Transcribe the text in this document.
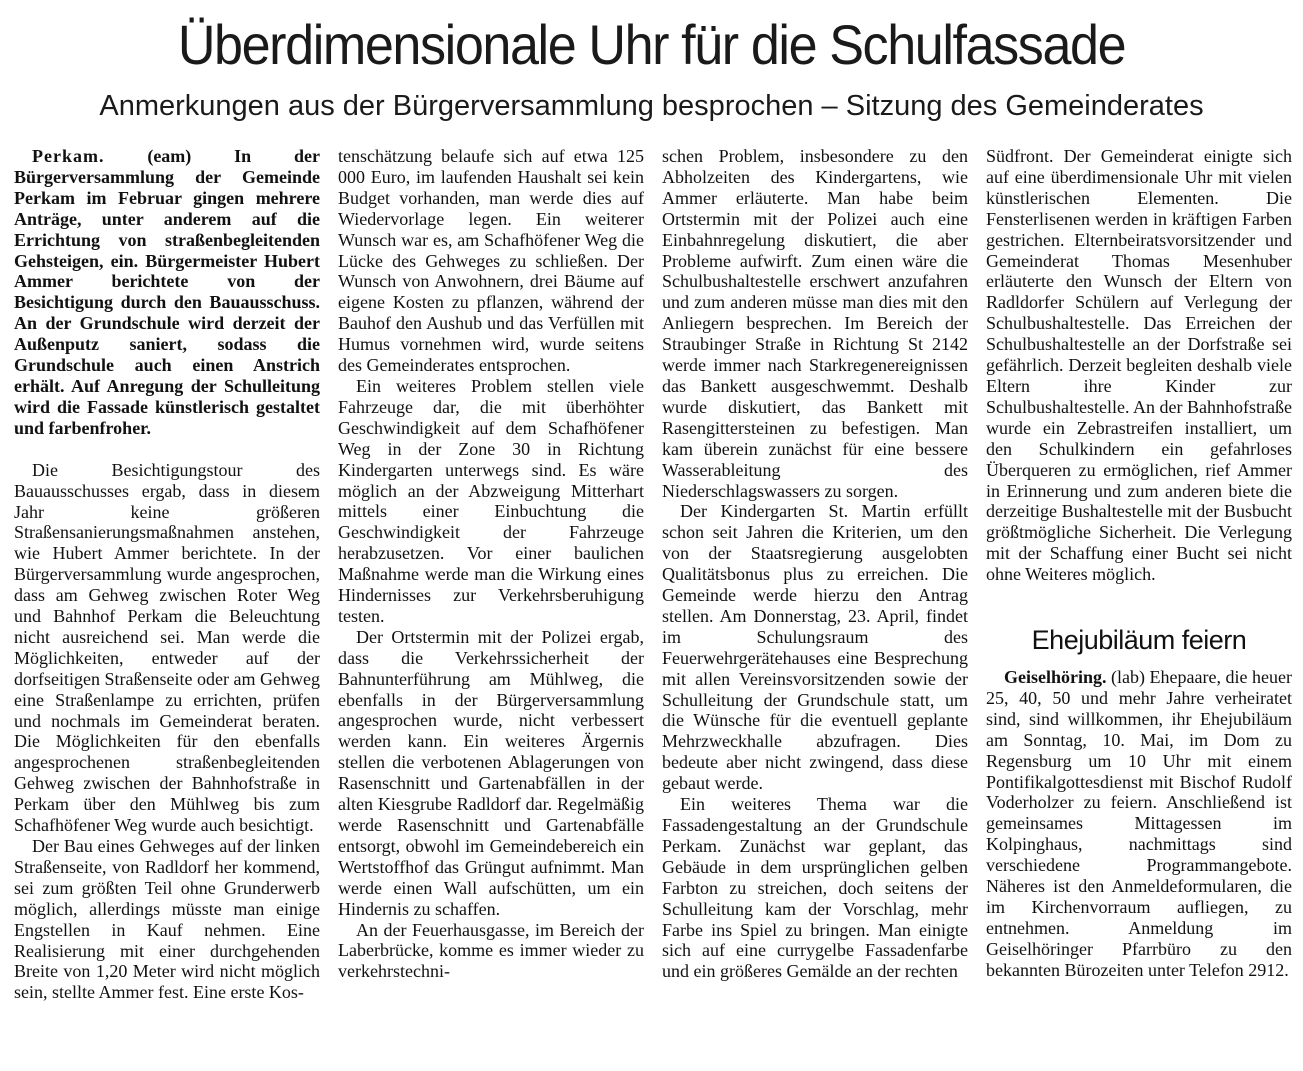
Überdimensionale Uhr für die Schulfassade
Anmerkungen aus der Bürgerversammlung besprochen – Sitzung des Gemeinderates

Perkam. (eam) In der Bürgerversammlung der Gemeinde Perkam im Februar gingen mehrere Anträge, unter anderem auf die Errichtung von straßenbegleitenden Gehsteigen, ein. Bürgermeister Hubert Ammer berichtete von der Besichtigung durch den Bauausschuss. An der Grundschule wird derzeit der Außenputz saniert, sodass die Grundschule auch einen Anstrich erhält. Auf Anregung der Schulleitung wird die Fassade künstlerisch gestaltet und farbenfroher.

Die Besichtigungstour des Bauausschusses ergab, dass in diesem Jahr keine größeren Straßensanierungsmaßnahmen anstehen, wie Hubert Ammer berichtete. In der Bürgerversammlung wurde angesprochen, dass am Gehweg zwischen Roter Weg und Bahnhof Perkam die Beleuchtung nicht ausreichend sei. Man werde die Möglichkeiten, entweder auf der dorfseitigen Straßenseite oder am Gehweg eine Straßenlampe zu errichten, prüfen und nochmals im Gemeinderat beraten. Die Möglichkeiten für den ebenfalls angesprochenen straßenbegleitenden Gehweg zwischen der Bahnhofstraße in Perkam über den Mühlweg bis zum Schafhöfener Weg wurde auch besichtigt.

Der Bau eines Gehweges auf der linken Straßenseite, von Radldorf her kommend, sei zum größten Teil ohne Grunderwerb möglich, allerdings müsste man einige Engstellen in Kauf nehmen. Eine Realisierung mit einer durchgehenden Breite von 1,20 Meter wird nicht möglich sein, stellte Ammer fest. Eine erste Kos-

tenschätzung belaufe sich auf etwa 125 000 Euro, im laufenden Haushalt sei kein Budget vorhanden, man werde dies auf Wiedervorlage legen. Ein weiterer Wunsch war es, am Schafhöfener Weg die Lücke des Gehweges zu schließen. Der Wunsch von Anwohnern, drei Bäume auf eigene Kosten zu pflanzen, während der Bauhof den Aushub und das Verfüllen mit Humus vornehmen wird, wurde seitens des Gemeinderates entsprochen.

Ein weiteres Problem stellen viele Fahrzeuge dar, die mit überhöhter Geschwindigkeit auf dem Schafhöfener Weg in der Zone 30 in Richtung Kindergarten unterwegs sind. Es wäre möglich an der Abzweigung Mitterhart mittels einer Einbuchtung die Geschwindigkeit der Fahrzeuge herabzusetzen. Vor einer baulichen Maßnahme werde man die Wirkung eines Hindernisses zur Verkehrsberuhigung testen.

Der Ortstermin mit der Polizei ergab, dass die Verkehrssicherheit der Bahnunterführung am Mühlweg, die ebenfalls in der Bürgerversammlung angesprochen wurde, nicht verbessert werden kann. Ein weiteres Ärgernis stellen die verbotenen Ablagerungen von Rasenschnitt und Gartenabfällen in der alten Kiesgrube Radldorf dar. Regelmäßig werde Rasenschnitt und Gartenabfälle entsorgt, obwohl im Gemeindebereich ein Wertstoffhof das Grüngut aufnimmt. Man werde einen Wall aufschütten, um ein Hindernis zu schaffen.

An der Feuerhausgasse, im Bereich der Laberbrücke, komme es immer wieder zu verkehrstechni-

schen Problem, insbesondere zu den Abholzeiten des Kindergartens, wie Ammer erläuterte. Man habe beim Ortstermin mit der Polizei auch eine Einbahnregelung diskutiert, die aber Probleme aufwirft. Zum einen wäre die Schulbushaltestelle erschwert anzufahren und zum anderen müsse man dies mit den Anliegern besprechen. Im Bereich der Straubinger Straße in Richtung St 2142 werde immer nach Starkregenereignissen das Bankett ausgeschwemmt. Deshalb wurde diskutiert, das Bankett mit Rasengittersteinen zu befestigen. Man kam überein zunächst für eine bessere Wasserableitung des Niederschlagswassers zu sorgen.

Der Kindergarten St. Martin erfüllt schon seit Jahren die Kriterien, um den von der Staatsregierung ausgelobten Qualitätsbonus plus zu erreichen. Die Gemeinde werde hierzu den Antrag stellen. Am Donnerstag, 23. April, findet im Schulungsraum des Feuerwehrgerätehauses eine Besprechung mit allen Vereinsvorsitzenden sowie der Schulleitung der Grundschule statt, um die Wünsche für die eventuell geplante Mehrzweckhalle abzufragen. Dies bedeute aber nicht zwingend, dass diese gebaut werde.

Ein weiteres Thema war die Fassadengestaltung an der Grundschule Perkam. Zunächst war geplant, das Gebäude in dem ursprünglichen gelben Farbton zu streichen, doch seitens der Schulleitung kam der Vorschlag, mehr Farbe ins Spiel zu bringen. Man einigte sich auf eine currygelbe Fassadenfarbe und ein größeres Gemälde an der rechten

Südfront. Der Gemeinderat einigte sich auf eine überdimensionale Uhr mit vielen künstlerischen Elementen. Die Fensterlisenen werden in kräftigen Farben gestrichen. Elternbeiratsvorsitzender und Gemeinderat Thomas Mesenhuber erläuterte den Wunsch der Eltern von Radldorfer Schülern auf Verlegung der Schulbushaltestelle. Das Erreichen der Schulbushaltestelle an der Dorfstraße sei gefährlich. Derzeit begleiten deshalb viele Eltern ihre Kinder zur Schulbushaltestelle. An der Bahnhofstraße wurde ein Zebrastreifen installiert, um den Schulkindern ein gefahrloses Überqueren zu ermöglichen, rief Ammer in Erinnerung und zum anderen biete die derzeitige Bushaltestelle mit der Busbucht größtmögliche Sicherheit. Die Verlegung mit der Schaffung einer Bucht sei nicht ohne Weiteres möglich.

Ehejubiläum feiern

Geiselhöring. (lab) Ehepaare, die heuer 25, 40, 50 und mehr Jahre verheiratet sind, sind willkommen, ihr Ehejubiläum am Sonntag, 10. Mai, im Dom zu Regensburg um 10 Uhr mit einem Pontifikalgottesdienst mit Bischof Rudolf Voderholzer zu feiern. Anschließend ist gemeinsames Mittagessen im Kolpinghaus, nachmittags sind verschiedene Programmangebote. Näheres ist den Anmeldeformularen, die im Kirchenvorraum aufliegen, zu entnehmen. Anmeldung im Geiselhöringer Pfarrbüro zu den bekannten Bürozeiten unter Telefon 2912.
